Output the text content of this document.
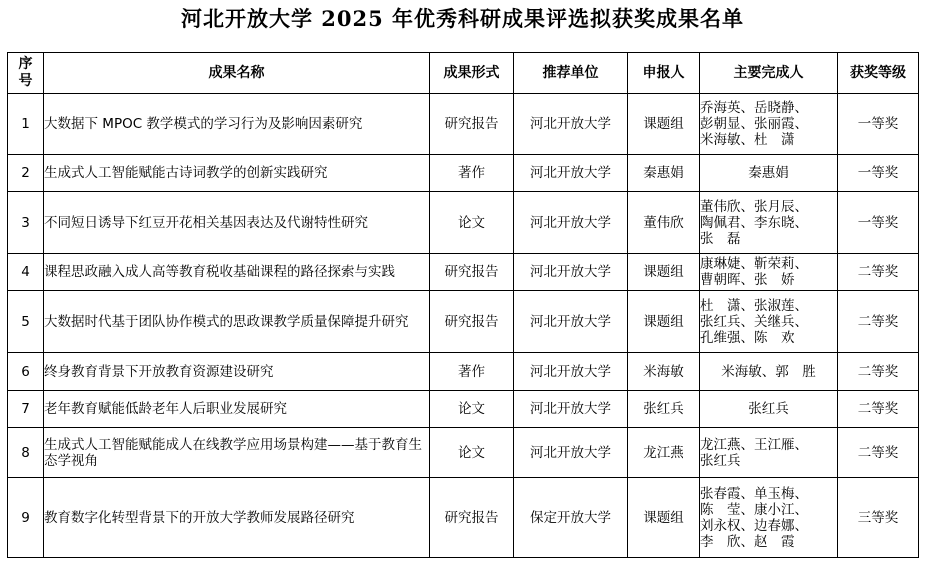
河北开放大学 2025 年优秀科研成果评选拟获奖成果名单
序号	成果名称	成果形式	推荐单位	申报人	主要完成人	获奖等级
1	大数据下 MPOC 教学模式的学习行为及影响因素研究	研究报告	河北开放大学	课题组	乔海英、岳晓静、
彭朝显、张丽霞、
米海敏、杜　潇	一等奖
2	生成式人工智能赋能古诗词教学的创新实践研究	著作	河北开放大学	秦惠娟	秦惠娟	一等奖
3	不同短日诱导下红豆开花相关基因表达及代谢特性研究	论文	河北开放大学	董伟欣	董伟欣、张月辰、
陶佩君、李东晓、
张　磊	一等奖
4	课程思政融入成人高等教育税收基础课程的路径探索与实践	研究报告	河北开放大学	课题组	康琳婕、靳荣莉、
曹朝晖、张　娇	二等奖
5	大数据时代基于团队协作模式的思政课教学质量保障提升研究	研究报告	河北开放大学	课题组	杜　潇、张淑莲、
张红兵、关继兵、
孔维强、陈　欢	二等奖
6	终身教育背景下开放教育资源建设研究	著作	河北开放大学	米海敏	米海敏、郭　胜	二等奖
7	老年教育赋能低龄老年人后职业发展研究	论文	河北开放大学	张红兵	张红兵	二等奖
8	生成式人工智能赋能成人在线教学应用场景构建——基于教育生态学视角	论文	河北开放大学	龙江燕	龙江燕、王江雁、
张红兵	二等奖
9	教育数字化转型背景下的开放大学教师发展路径研究	研究报告	保定开放大学	课题组	张春霞、单玉梅、
陈　莹、康小江、
刘永权、边春娜、
李　欣、赵　霞	三等奖
